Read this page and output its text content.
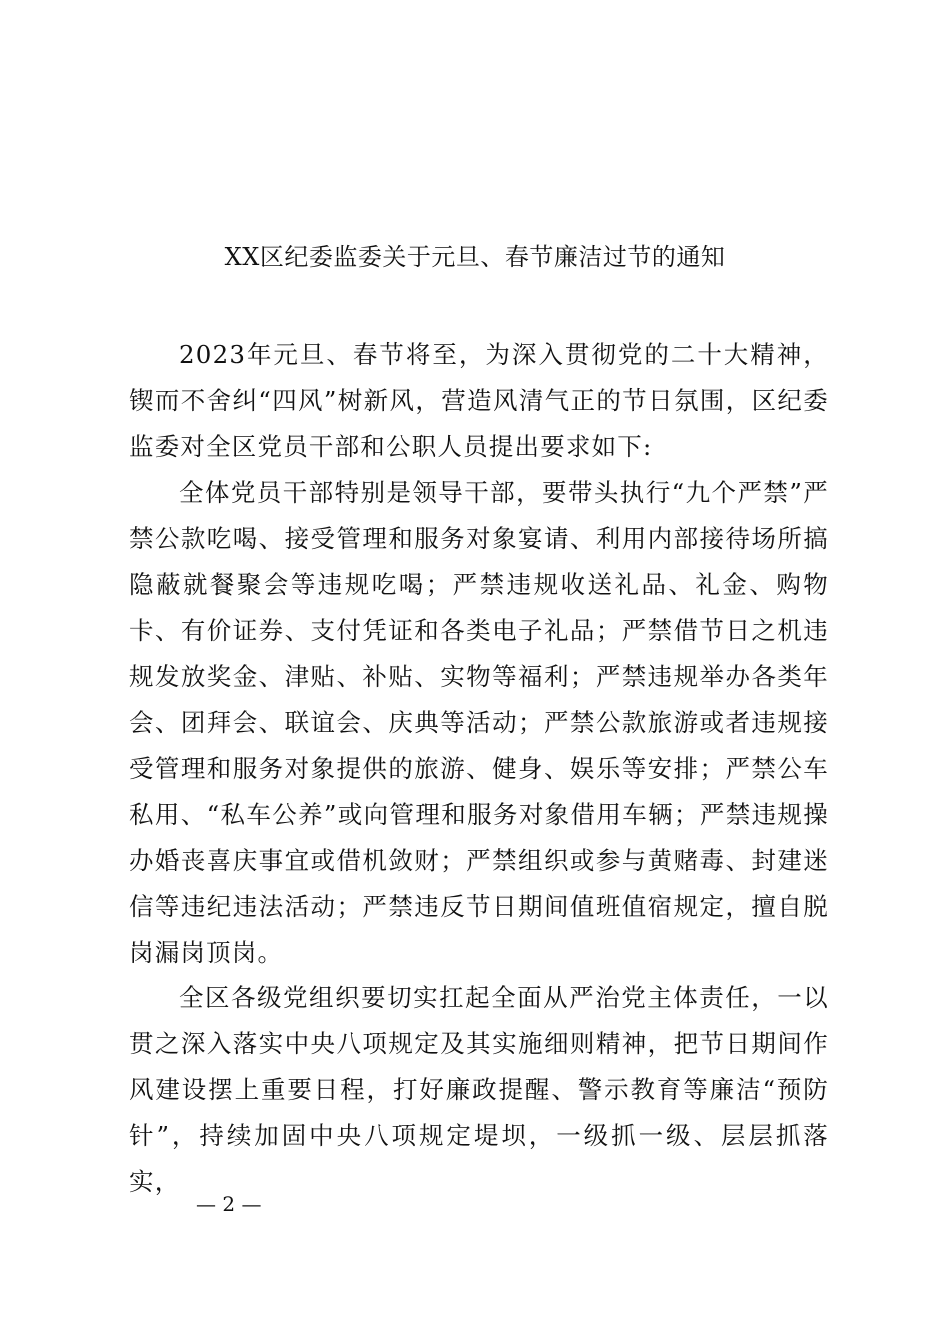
XX区纪委监委关于元旦、春节廉洁过节的通知

2023年元旦、春节将至，为深入贯彻党的二十大精神，锲而不舍纠“四风”树新风，营造风清气正的节日氛围，区纪委监委对全区党员干部和公职人员提出要求如下:

全体党员干部特别是领导干部，要带头执行“九个严禁”严禁公款吃喝、接受管理和服务对象宴请、利用内部接待场所搞隐蔽就餐聚会等违规吃喝；严禁违规收送礼品、礼金、购物卡、有价证券、支付凭证和各类电子礼品；严禁借节日之机违规发放奖金、津贴、补贴、实物等福利；严禁违规举办各类年会、团拜会、联谊会、庆典等活动；严禁公款旅游或者违规接受管理和服务对象提供的旅游、健身、娱乐等安排；严禁公车私用、“私车公养”或向管理和服务对象借用车辆；严禁违规操办婚丧喜庆事宜或借机敛财；严禁组织或参与黄赌毒、封建迷信等违纪违法活动；严禁违反节日期间值班值宿规定，擅自脱岗漏岗顶岗。

全区各级党组织要切实扛起全面从严治党主体责任，一以贯之深入落实中央八项规定及其实施细则精神，把节日期间作风建设摆上重要日程，打好廉政提醒、警示教育等廉洁“预防针”，持续加固中央八项规定堤坝，一级抓一级、层层抓落实，

— 2 —
